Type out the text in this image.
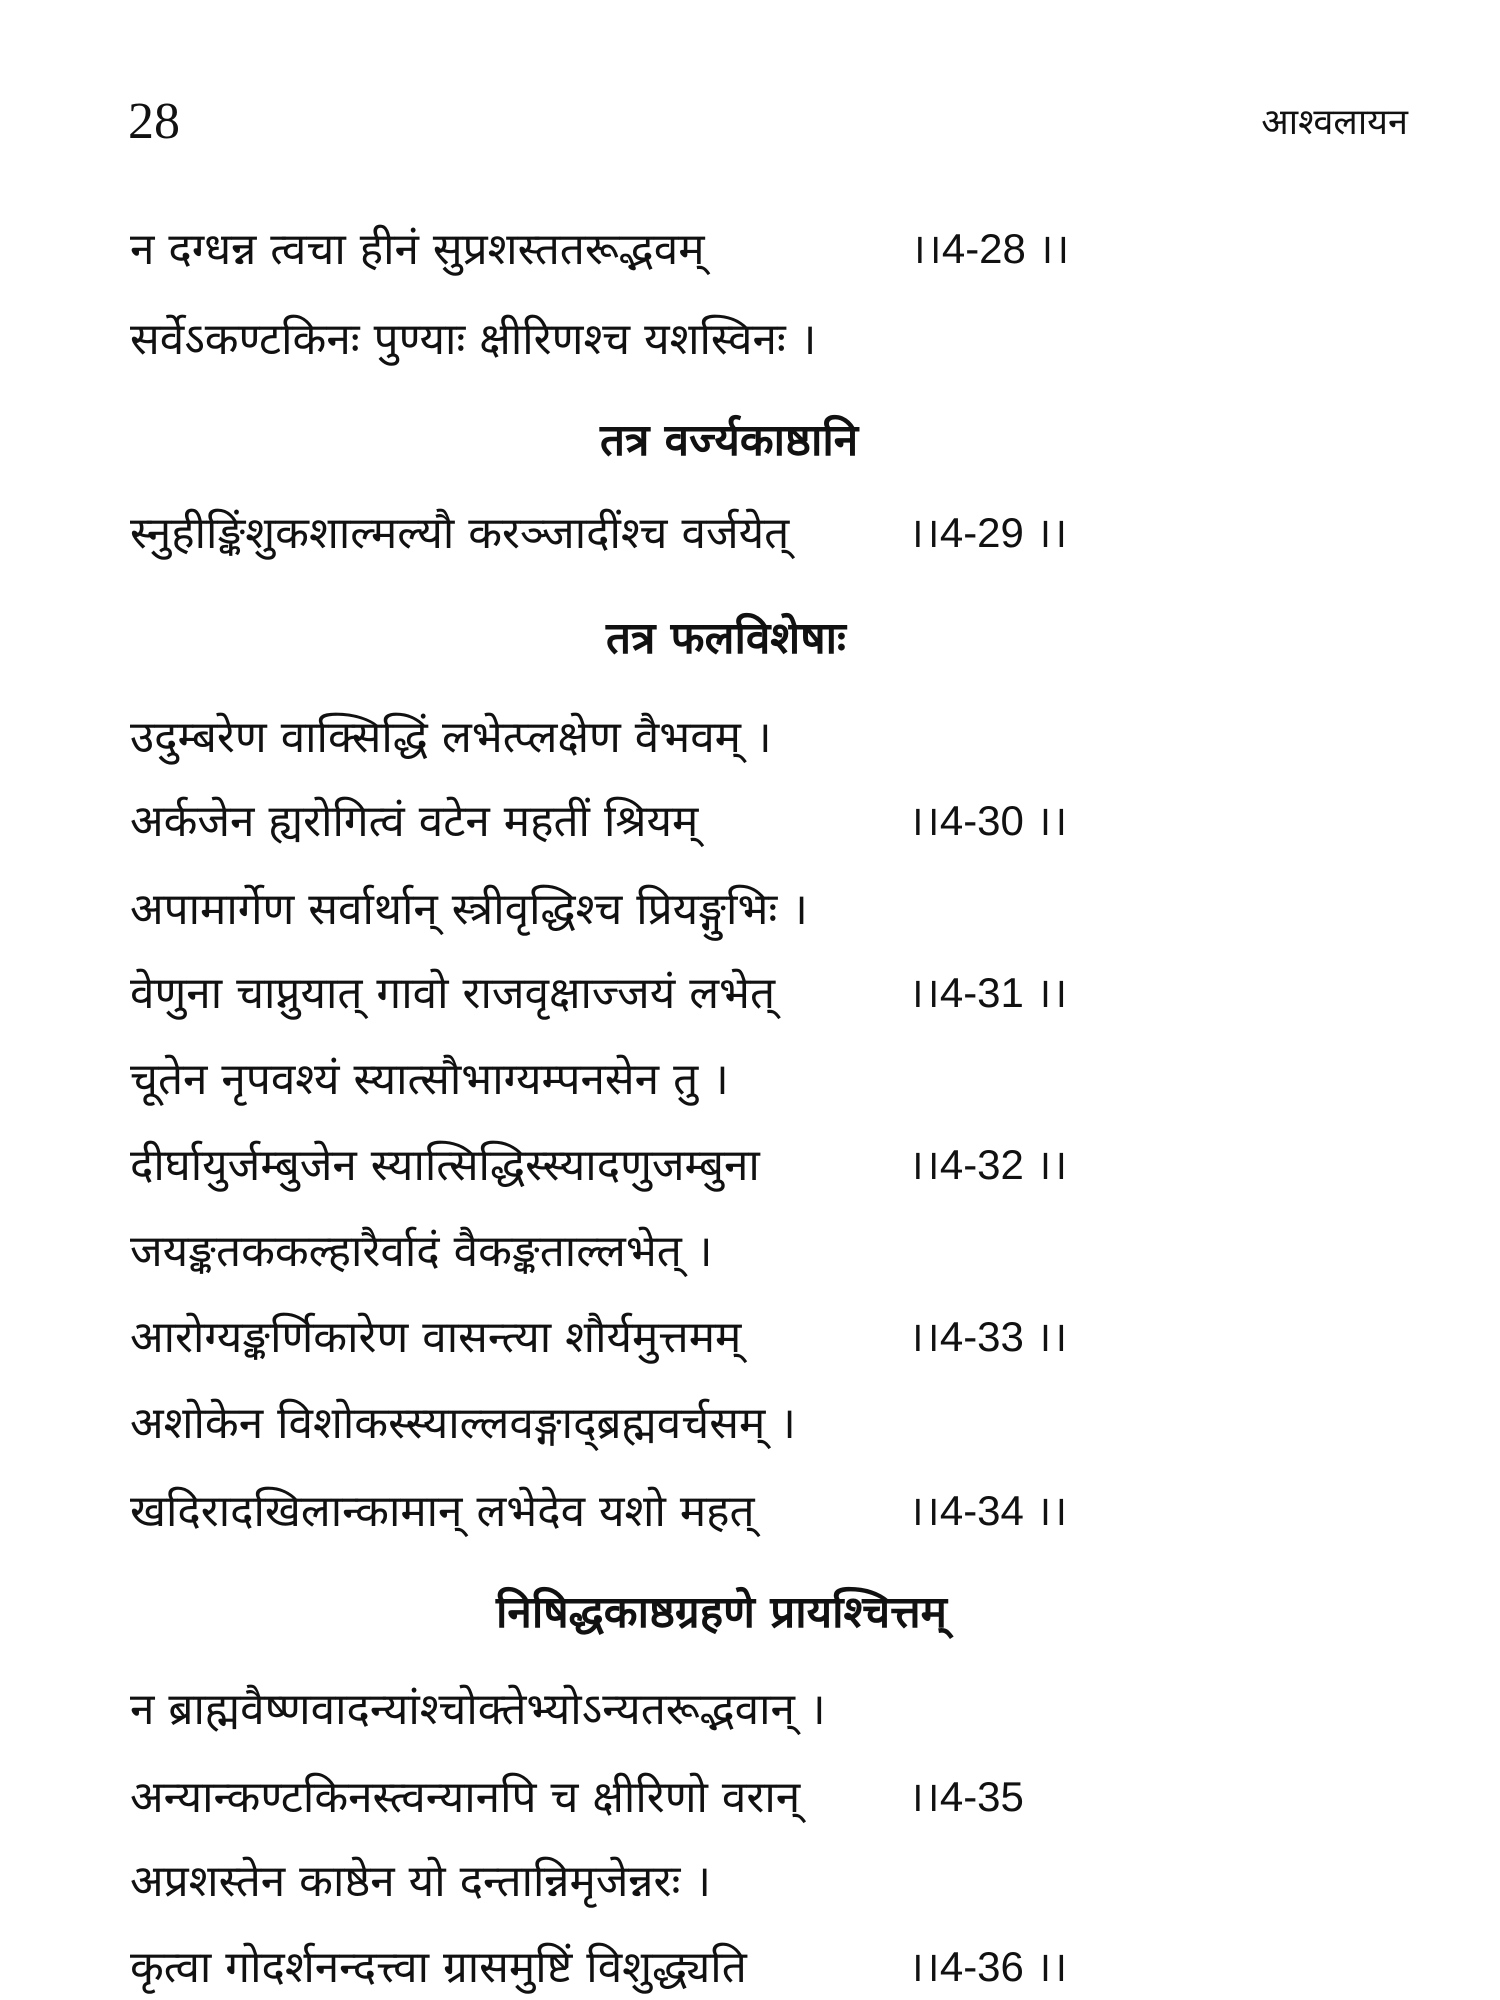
28	आश्वलायन
न दग्धन्न त्वचा हीनं सुप्रशस्ततरूद्भवम्	।।4-28 ।।
सर्वेऽकण्टकिनः पुण्याः क्षीरिणश्च यशस्विनः ।
तत्र वर्ज्यकाष्ठानि
स्नुहीङ्किंशुकशाल्मल्यौ करञ्जादींश्च वर्जयेत्	।।4-29 ।।
तत्र फलविशेषाः
उदुम्बरेण वाक्सिद्धिं लभेत्प्लक्षेण वैभवम् ।
अर्कजेन ह्यरोगित्वं वटेन महतीं श्रियम्	।।4-30 ।।
अपामार्गेण सर्वार्थान् स्त्रीवृद्धिश्च प्रियङ्गुभिः ।
वेणुना चाप्नुयात् गावो राजवृक्षाज्जयं लभेत्	।।4-31 ।।
चूतेन नृपवश्यं स्यात्सौभाग्यम्पनसेन तु ।
दीर्घायुर्जम्बुजेन स्यात्सिद्धिस्स्यादणुजम्बुना	।।4-32 ।।
जयङ्कतककल्हारैर्वादं वैकङ्कताल्लभेत् ।
आरोग्यङ्कर्णिकारेण वासन्त्या शौर्यमुत्तमम्	।।4-33 ।।
अशोकेन विशोकस्स्याल्लवङ्गाद्ब्रह्मवर्चसम् ।
खदिरादखिलान्कामान् लभेदेव यशो महत्	।।4-34 ।।
निषिद्धकाष्ठग्रहणे प्रायश्चित्तम्
न ब्राह्मवैष्णवादन्यांश्चोक्तेभ्योऽन्यतरूद्भवान् ।
अन्यान्कण्टकिनस्त्वन्यानपि च क्षीरिणो वरान्	।।4-35
अप्रशस्तेन काष्ठेन यो दन्तान्निमृजेन्नरः ।
कृत्वा गोदर्शनन्दत्त्वा ग्रासमुष्टिं विशुद्ध्यति	।।4-36 ।।
